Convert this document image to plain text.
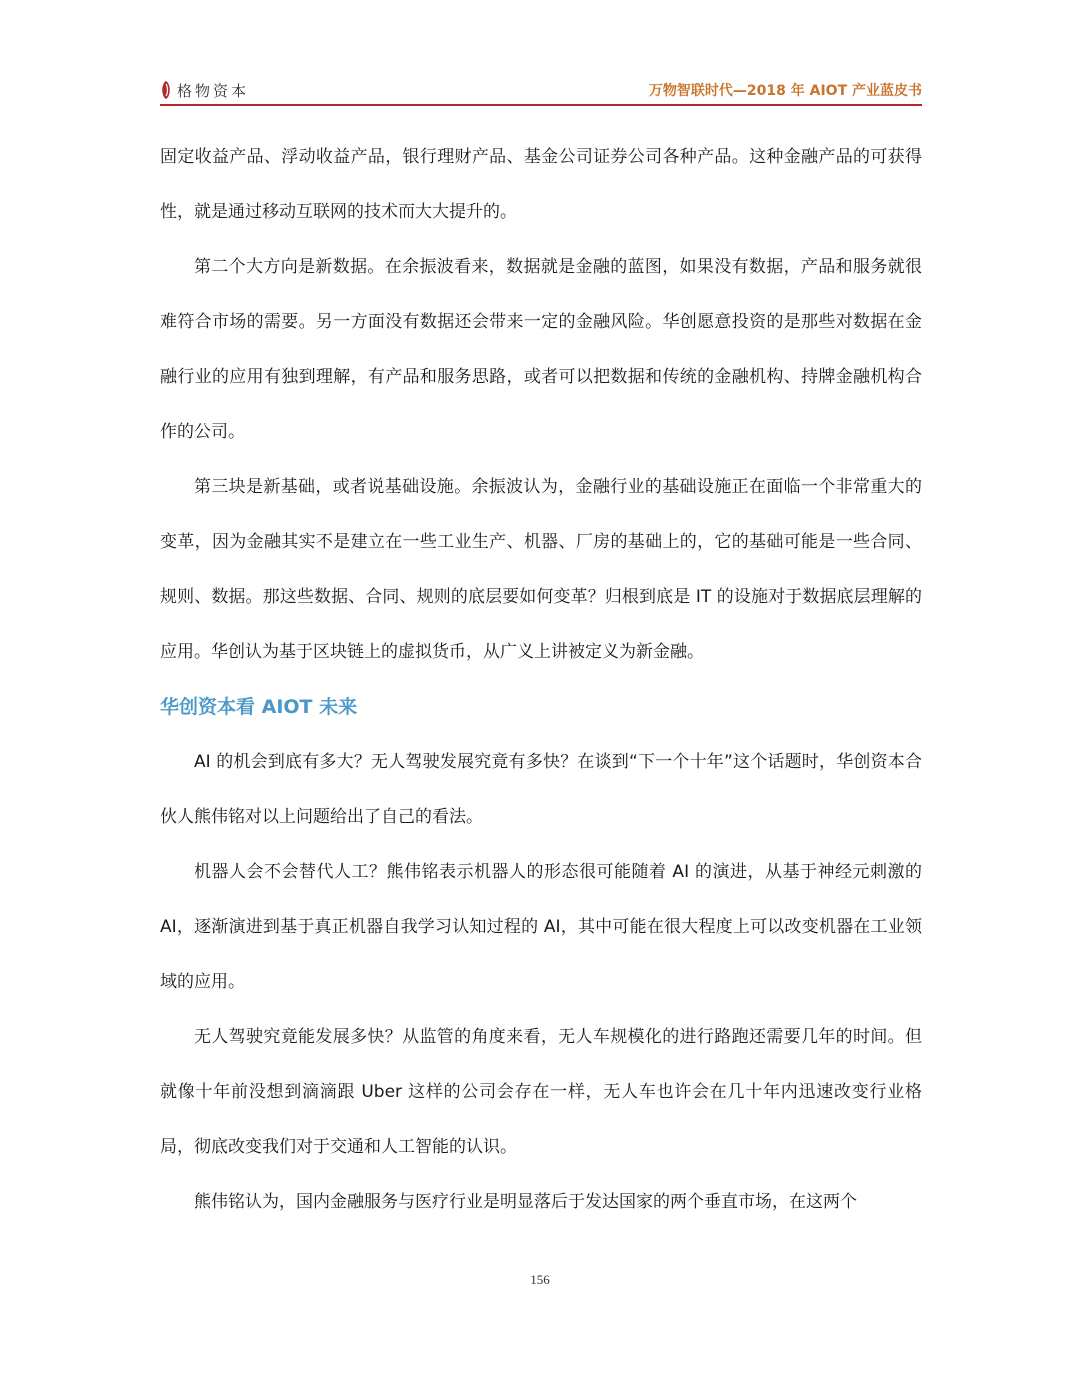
格物资本	万物智联时代—2018 年 AIOT 产业蓝皮书

固定收益产品、浮动收益产品，银行理财产品、基金公司证券公司各种产品。这种金融产品的可获得性，就是通过移动互联网的技术而大大提升的。

第二个大方向是新数据。在余振波看来，数据就是金融的蓝图，如果没有数据，产品和服务就很难符合市场的需要。另一方面没有数据还会带来一定的金融风险。华创愿意投资的是那些对数据在金融行业的应用有独到理解，有产品和服务思路，或者可以把数据和传统的金融机构、持牌金融机构合作的公司。

第三块是新基础，或者说基础设施。余振波认为，金融行业的基础设施正在面临一个非常重大的变革，因为金融其实不是建立在一些工业生产、机器、厂房的基础上的，它的基础可能是一些合同、规则、数据。那这些数据、合同、规则的底层要如何变革？归根到底是 IT 的设施对于数据底层理解的应用。华创认为基于区块链上的虚拟货币，从广义上讲被定义为新金融。

华创资本看 AIOT 未来

AI 的机会到底有多大？无人驾驶发展究竟有多快？在谈到“下一个十年”这个话题时，华创资本合伙人熊伟铭对以上问题给出了自己的看法。

机器人会不会替代人工？熊伟铭表示机器人的形态很可能随着 AI 的演进，从基于神经元刺激的 AI，逐渐演进到基于真正机器自我学习认知过程的 AI，其中可能在很大程度上可以改变机器在工业领域的应用。

无人驾驶究竟能发展多快？从监管的角度来看，无人车规模化的进行路跑还需要几年的时间。但就像十年前没想到滴滴跟 Uber 这样的公司会存在一样，无人车也许会在几十年内迅速改变行业格局，彻底改变我们对于交通和人工智能的认识。

熊伟铭认为，国内金融服务与医疗行业是明显落后于发达国家的两个垂直市场，在这两个

156
